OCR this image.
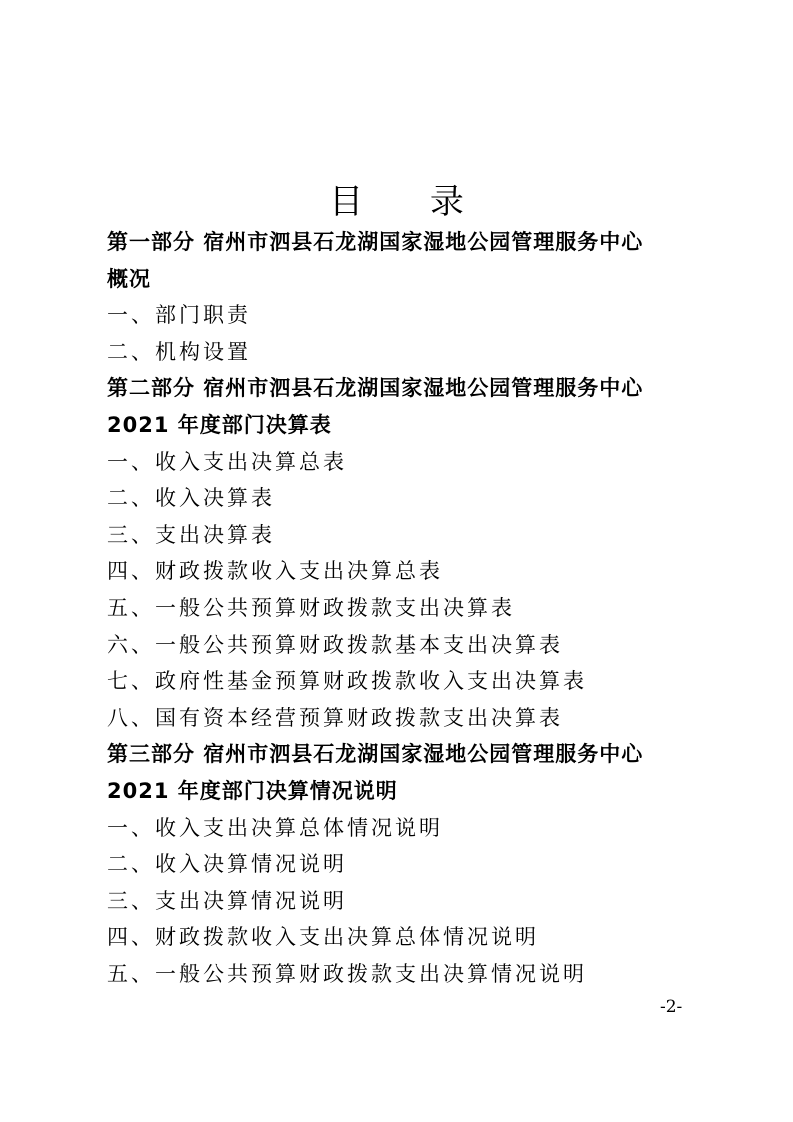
目 录
第一部分 宿州市泗县石龙湖国家湿地公园管理服务中心
概况
一、部门职责
二、机构设置
第二部分 宿州市泗县石龙湖国家湿地公园管理服务中心
2021 年度部门决算表
一、收入支出决算总表
二、收入决算表
三、支出决算表
四、财政拨款收入支出决算总表
五、一般公共预算财政拨款支出决算表
六、一般公共预算财政拨款基本支出决算表
七、政府性基金预算财政拨款收入支出决算表
八、国有资本经营预算财政拨款支出决算表
第三部分 宿州市泗县石龙湖国家湿地公园管理服务中心
2021 年度部门决算情况说明
一、收入支出决算总体情况说明
二、收入决算情况说明
三、支出决算情况说明
四、财政拨款收入支出决算总体情况说明
五、一般公共预算财政拨款支出决算情况说明
-2-
